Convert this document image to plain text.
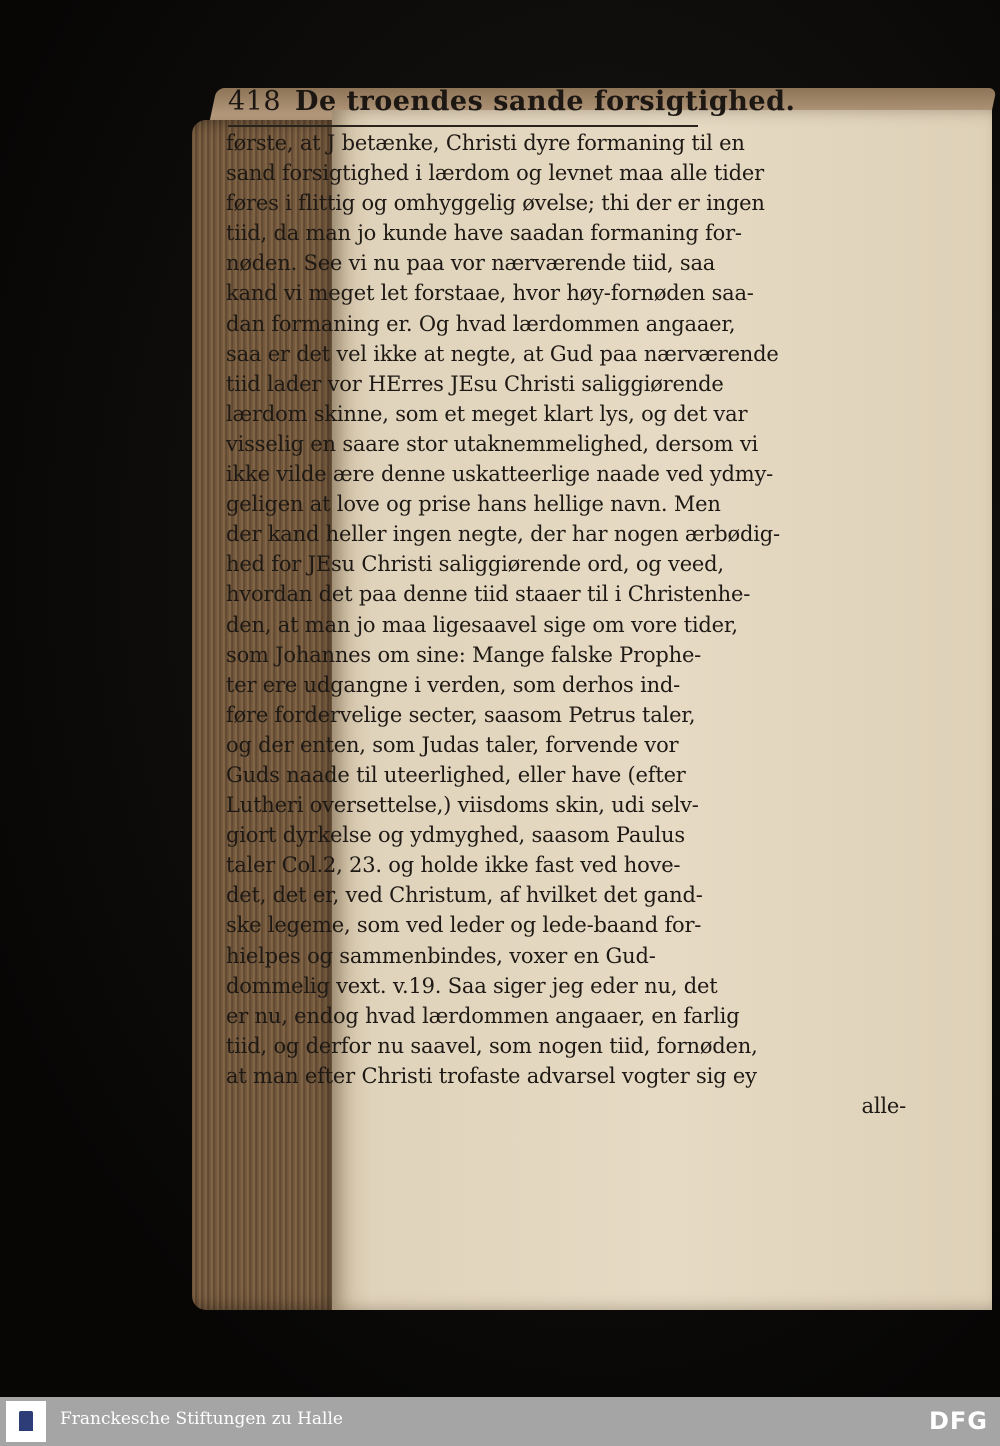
418 De troendes sande forsigtighed.
første, at J betænke, Christi dyre formaning til en
sand forsigtighed i lærdom og levnet maa alle tider
føres i flittig og omhyggelig øvelse; thi der er ingen
tiid, da man jo kunde have saadan formaning for-
nøden. See vi nu paa vor nærværende tiid, saa
kand vi meget let forstaae, hvor høy-fornøden saa-
dan formaning er. Og hvad lærdommen angaaer,
saa er det vel ikke at negte, at Gud paa nærværende
tiid lader vor HErres JEsu Christi saliggiørende
lærdom skinne, som et meget klart lys, og det var
visselig en saare stor utaknemmelighed, dersom vi
ikke vilde ære denne uskatteerlige naade ved ydmy-
geligen at love og prise hans hellige navn. Men
der kand heller ingen negte, der har nogen ærbødig-
hed for JEsu Christi saliggiørende ord, og veed,
hvordan det paa denne tiid staaer til i Christenhe-
den, at man jo maa ligesaavel sige om vore tider,
som Johannes om sine: Mange falske Prophe-
ter ere udgangne i verden, som derhos ind-
føre fordervelige secter, saasom Petrus taler,
og der enten, som Judas taler, forvende vor
Guds naade til uteerlighed, eller have (efter
Lutheri oversettelse,) viisdoms skin, udi selv-
giort dyrkelse og ydmyghed, saasom Paulus
taler Col.2, 23. og holde ikke fast ved hove-
det, det er, ved Christum, af hvilket det gand-
ske legeme, som ved leder og lede-baand for-
hielpes og sammenbindes, voxer en Gud-
dommelig vext. v.19. Saa siger jeg eder nu, det
er nu, endog hvad lærdommen angaaer, en farlig
tiid, og derfor nu saavel, som nogen tiid, fornøden,
at man efter Christi trofaste advarsel vogter sig ey
alle-
Franckesche Stiftungen zu Halle	DFG
